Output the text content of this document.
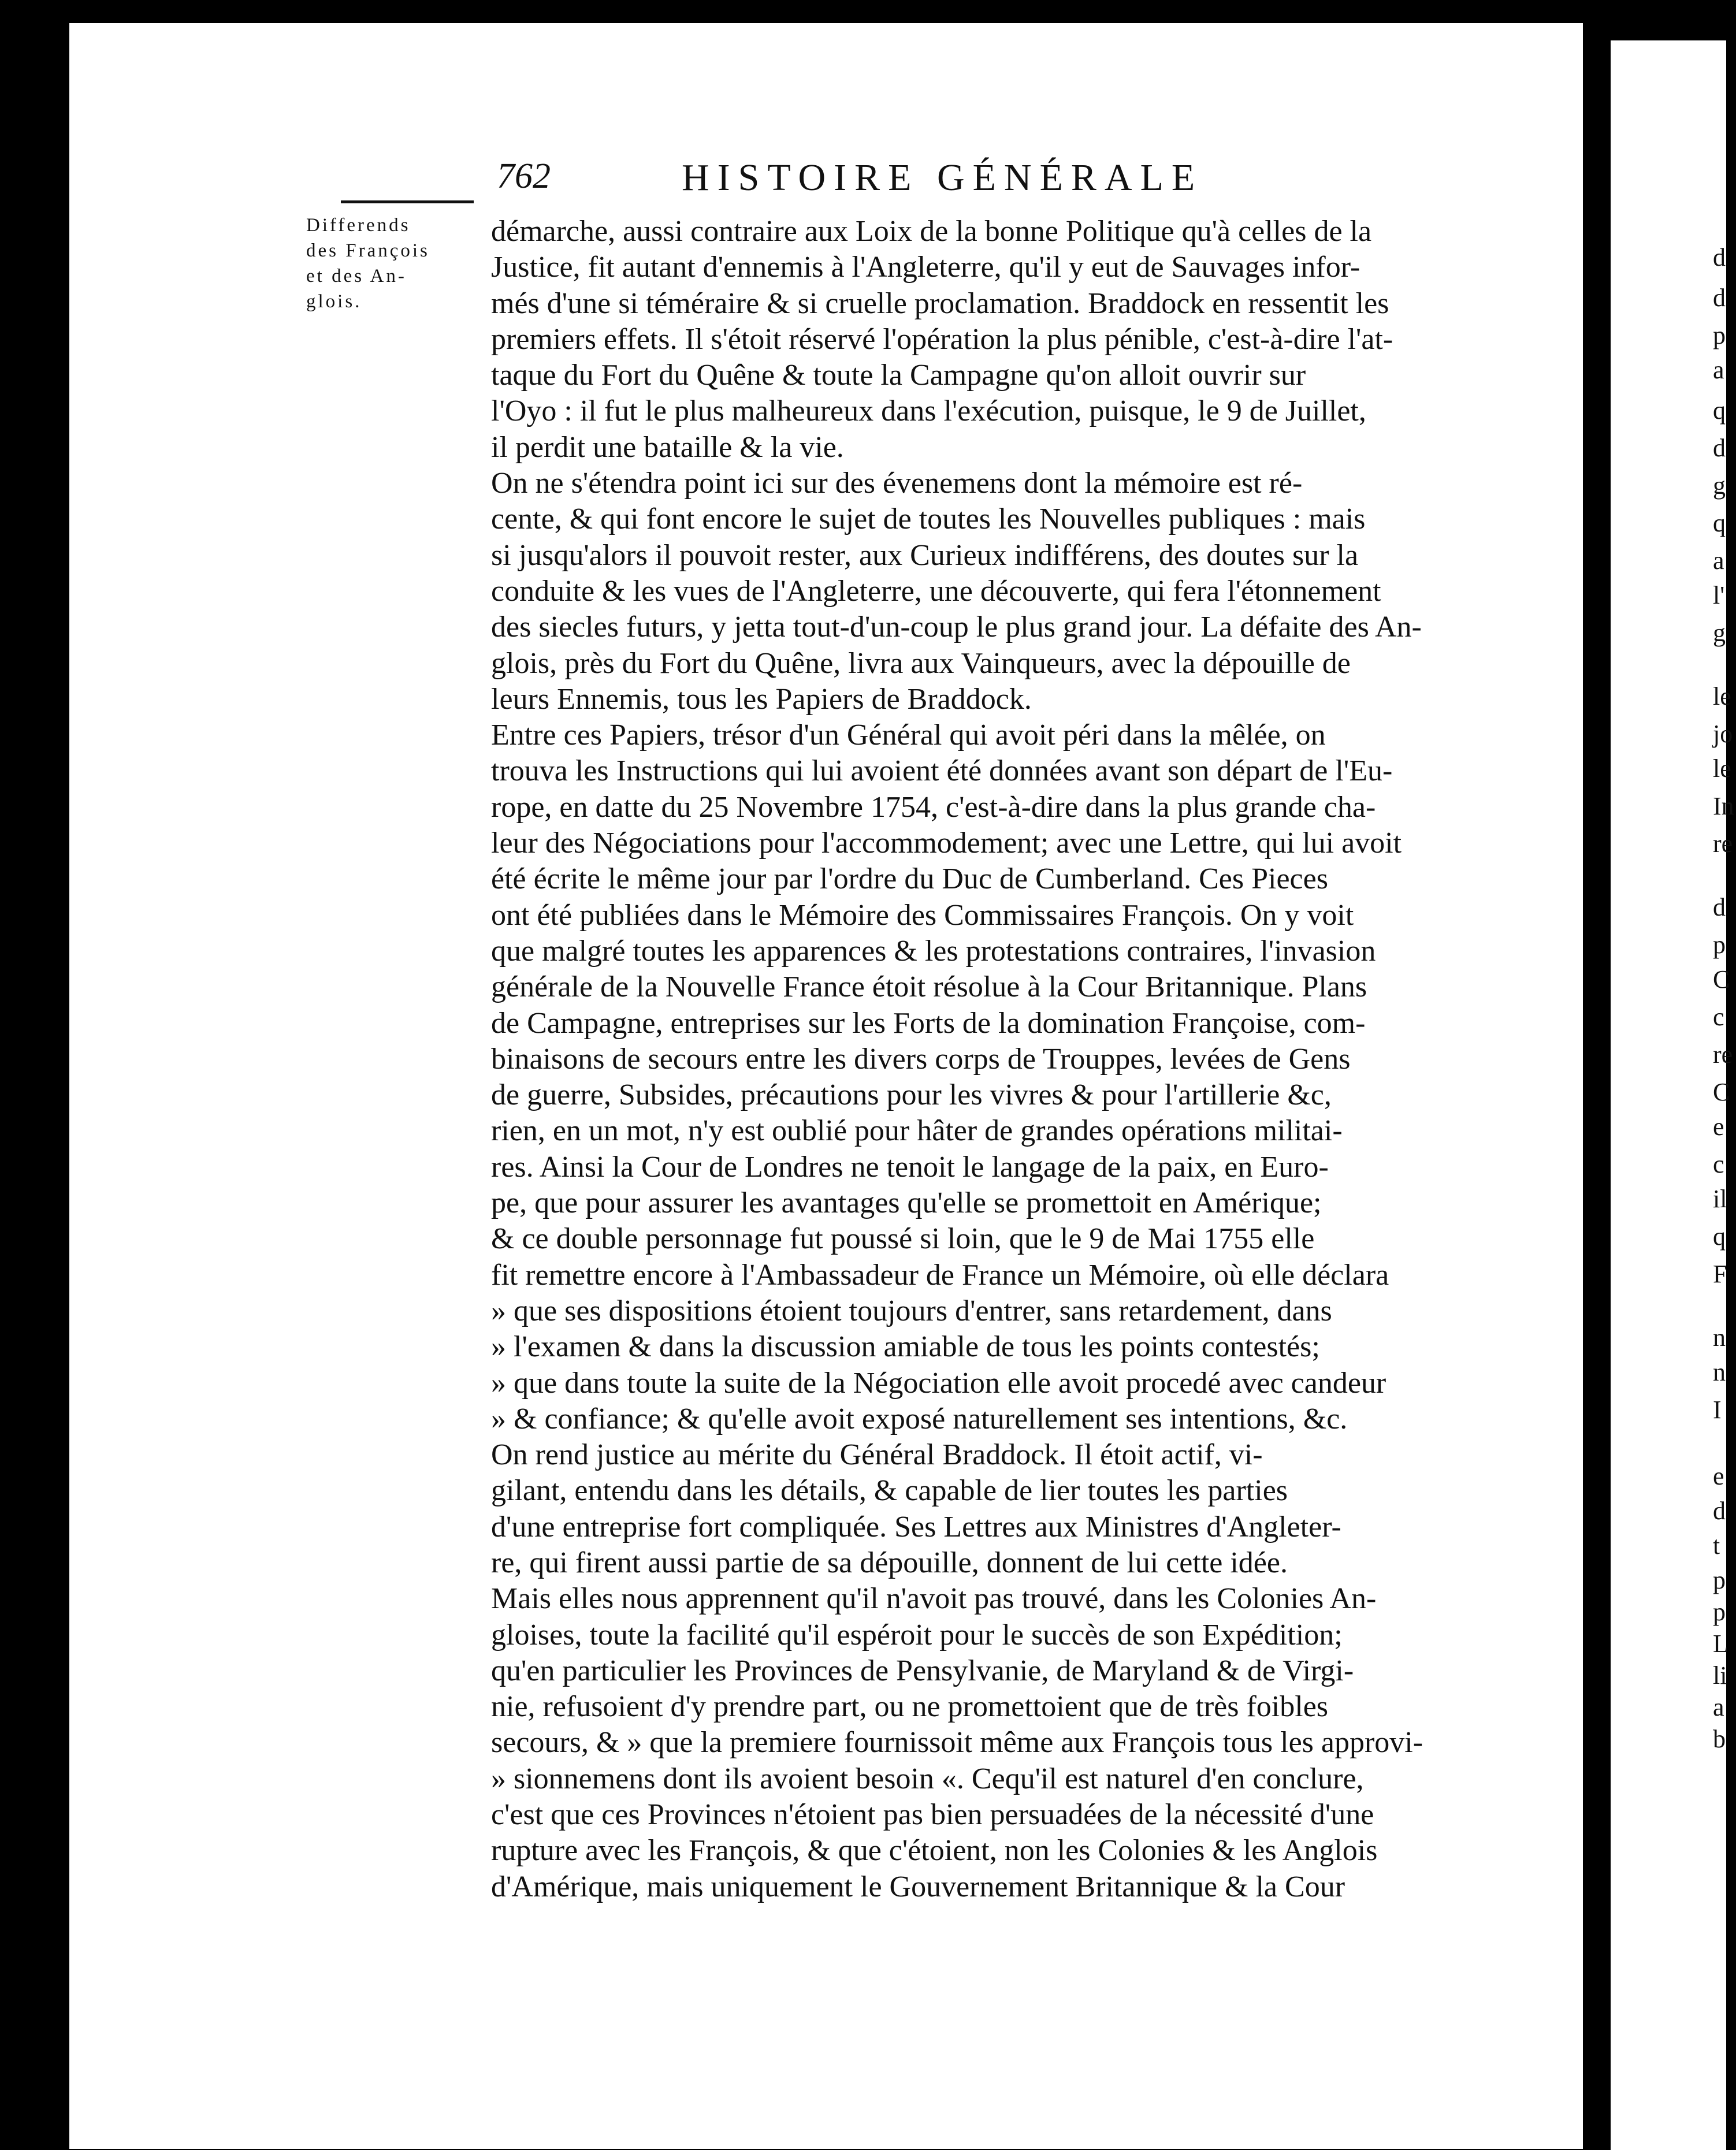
762	HISTOIRE GÉNÉRALE
Differends
des François
et des An-
glois.
démarche, aussi contraire aux Loix de la bonne Politique qu'à celles de la
Justice, fit autant d'ennemis à l'Angleterre, qu'il y eut de Sauvages infor-
més d'une si téméraire & si cruelle proclamation. Braddock en ressentit les
premiers effets. Il s'étoit réservé l'opération la plus pénible, c'est-à-dire l'at-
taque du Fort du Quêne & toute la Campagne qu'on alloit ouvrir sur
l'Oyo : il fut le plus malheureux dans l'exécution, puisque, le 9 de Juillet,
il perdit une bataille & la vie.
On ne s'étendra point ici sur des évenemens dont la mémoire est ré-
cente, & qui font encore le sujet de toutes les Nouvelles publiques : mais
si jusqu'alors il pouvoit rester, aux Curieux indifférens, des doutes sur la
conduite & les vues de l'Angleterre, une découverte, qui fera l'étonnement
des siecles futurs, y jetta tout-d'un-coup le plus grand jour. La défaite des An-
glois, près du Fort du Quêne, livra aux Vainqueurs, avec la dépouille de
leurs Ennemis, tous les Papiers de Braddock.
Entre ces Papiers, trésor d'un Général qui avoit péri dans la mêlée, on
trouva les Instructions qui lui avoient été données avant son départ de l'Eu-
rope, en datte du 25 Novembre 1754, c'est-à-dire dans la plus grande cha-
leur des Négociations pour l'accommodement; avec une Lettre, qui lui avoit
été écrite le même jour par l'ordre du Duc de Cumberland. Ces Pieces
ont été publiées dans le Mémoire des Commissaires François. On y voit
que malgré toutes les apparences & les protestations contraires, l'invasion
générale de la Nouvelle France étoit résolue à la Cour Britannique. Plans
de Campagne, entreprises sur les Forts de la domination Françoise, com-
binaisons de secours entre les divers corps de Trouppes, levées de Gens
de guerre, Subsides, précautions pour les vivres & pour l'artillerie &c,
rien, en un mot, n'y est oublié pour hâter de grandes opérations militai-
res. Ainsi la Cour de Londres ne tenoit le langage de la paix, en Euro-
pe, que pour assurer les avantages qu'elle se promettoit en Amérique;
& ce double personnage fut poussé si loin, que le 9 de Mai 1755 elle
fit remettre encore à l'Ambassadeur de France un Mémoire, où elle déclara
» que ses dispositions étoient toujours d'entrer, sans retardement, dans
» l'examen & dans la discussion amiable de tous les points contestés;
» que dans toute la suite de la Négociation elle avoit procedé avec candeur
» & confiance; & qu'elle avoit exposé naturellement ses intentions, &c.
On rend justice au mérite du Général Braddock. Il étoit actif, vi-
gilant, entendu dans les détails, & capable de lier toutes les parties
d'une entreprise fort compliquée. Ses Lettres aux Ministres d'Angleter-
re, qui firent aussi partie de sa dépouille, donnent de lui cette idée.
Mais elles nous apprennent qu'il n'avoit pas trouvé, dans les Colonies An-
gloises, toute la facilité qu'il espéroit pour le succès de son Expédition;
qu'en particulier les Provinces de Pensylvanie, de Maryland & de Virgi-
nie, refusoient d'y prendre part, ou ne promettoient que de très foibles
secours, & » que la premiere fournissoit même aux François tous les approvi-
» sionnemens dont ils avoient besoin «. Cequ'il est naturel d'en conclure,
c'est que ces Provinces n'étoient pas bien persuadées de la nécessité d'une
rupture avec les François, & que c'étoient, non les Colonies & les Anglois
d'Amérique, mais uniquement le Gouvernement Britannique & la Cour
d
d
p
a
q
d
g
q
a
l'
g
le
jo
le
In
re
d
p
C
c
re
C
e
c
il
q
F
n
n
I
e
d
t
p
p
L
li
a
b
